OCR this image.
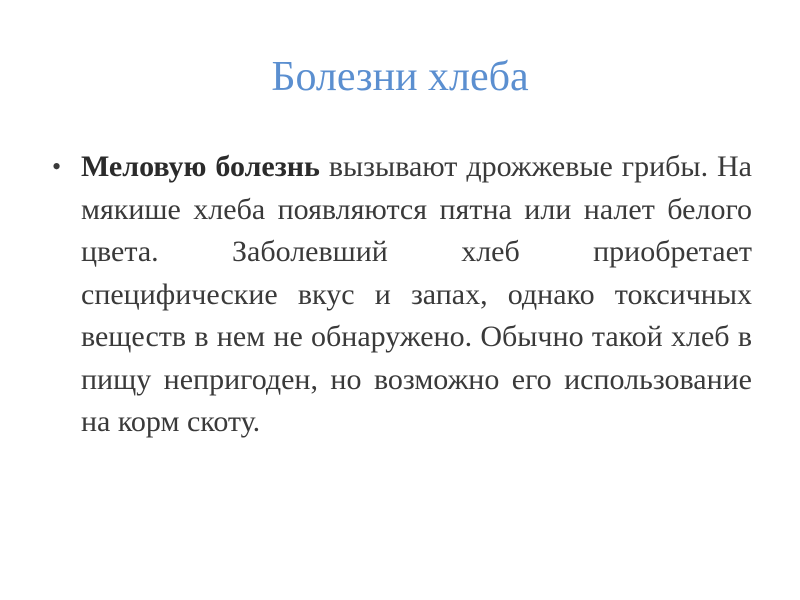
Болезни хлеба
• Меловую болезнь вызывают дрожжевые грибы. На мякише хлеба появляются пятна или налет белого цвета. Заболевший хлеб приобретает специфические вкус и запах, однако токсичных веществ в нем не обнаружено. Обычно такой хлеб в пищу непригоден, но возможно его использование на корм скоту.
